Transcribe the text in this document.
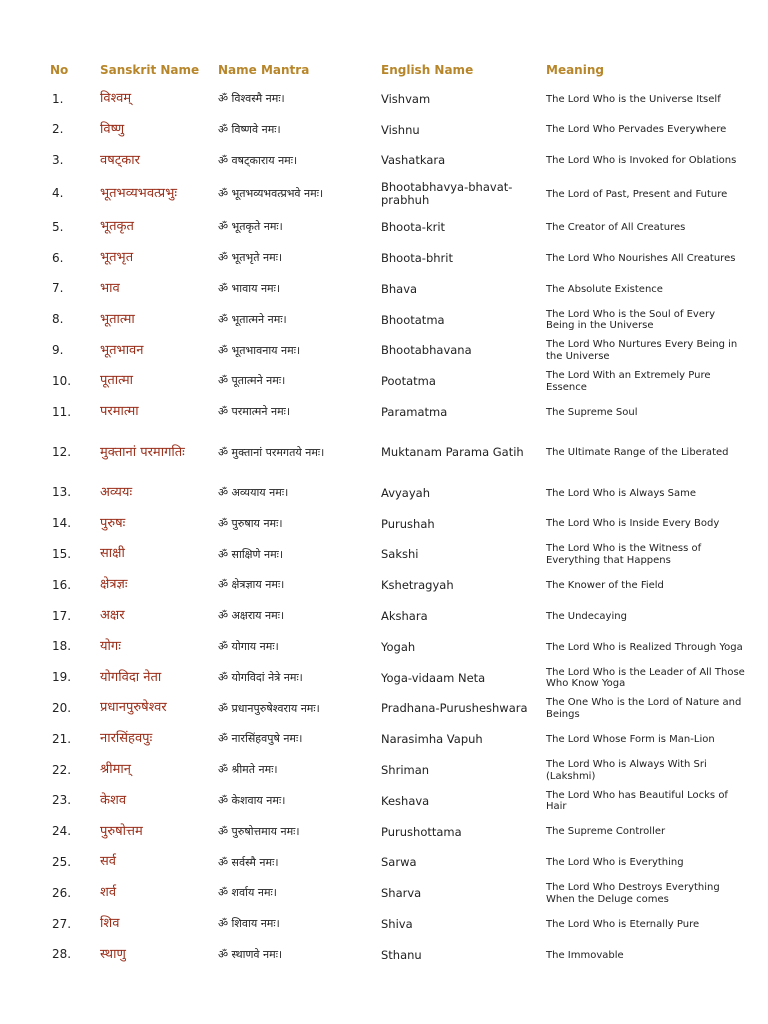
No	Sanskrit Name	Name Mantra	English Name	Meaning
1.	विश्वम्	ॐ विश्वस्मै नमः।	Vishvam	The Lord Who is the Universe Itself
2.	विष्णु	ॐ विष्णवे नमः।	Vishnu	The Lord Who Pervades Everywhere
3.	वषट्कार	ॐ वषट्काराय नमः।	Vashatkara	The Lord Who is Invoked for Oblations
4.	भूतभव्यभवत्प्रभुः	ॐ भूतभव्यभवत्प्रभवे नमः।	Bhootabhavya-bhavat-prabhuh	The Lord of Past, Present and Future
5.	भूतकृत	ॐ भूतकृते नमः।	Bhoota-krit	The Creator of All Creatures
6.	भूतभृत	ॐ भूतभृते नमः।	Bhoota-bhrit	The Lord Who Nourishes All Creatures
7.	भाव	ॐ भावाय नमः।	Bhava	The Absolute Existence
8.	भूतात्मा	ॐ भूतात्मने नमः।	Bhootatma	The Lord Who is the Soul of Every Being in the Universe
9.	भूतभावन	ॐ भूतभावनाय नमः।	Bhootabhavana	The Lord Who Nurtures Every Being in the Universe
10.	पूतात्मा	ॐ पूतात्मने नमः।	Pootatma	The Lord With an Extremely Pure Essence
11.	परमात्मा	ॐ परमात्मने नमः।	Paramatma	The Supreme Soul
12.	मुक्तानां परमागतिः	ॐ मुक्तानां परमगतये नमः।	Muktanam Parama Gatih	The Ultimate Range of the Liberated
13.	अव्ययः	ॐ अव्ययाय नमः।	Avyayah	The Lord Who is Always Same
14.	पुरुषः	ॐ पुरुषाय नमः।	Purushah	The Lord Who is Inside Every Body
15.	साक्षी	ॐ साक्षिणे नमः।	Sakshi	The Lord Who is the Witness of Everything that Happens
16.	क्षेत्रज्ञः	ॐ क्षेत्रज्ञाय नमः।	Kshetragyah	The Knower of the Field
17.	अक्षर	ॐ अक्षराय नमः।	Akshara	The Undecaying
18.	योगः	ॐ योगाय नमः।	Yogah	The Lord Who is Realized Through Yoga
19.	योगविदा नेता	ॐ योगविदां नेत्रे नमः।	Yoga-vidaam Neta	The Lord Who is the Leader of All Those Who Know Yoga
20.	प्रधानपुरुषेश्वर	ॐ प्रधानपुरुषेश्वराय नमः।	Pradhana-Purusheshwara	The One Who is the Lord of Nature and Beings
21.	नारसिंहवपुः	ॐ नारसिंहवपुषे नमः।	Narasimha Vapuh	The Lord Whose Form is Man-Lion
22.	श्रीमान्	ॐ श्रीमते नमः।	Shriman	The Lord Who is Always With Sri (Lakshmi)
23.	केशव	ॐ केशवाय नमः।	Keshava	The Lord Who has Beautiful Locks of Hair
24.	पुरुषोत्तम	ॐ पुरुषोत्तमाय नमः।	Purushottama	The Supreme Controller
25.	सर्व	ॐ सर्वस्मै नमः।	Sarwa	The Lord Who is Everything
26.	शर्व	ॐ शर्वाय नमः।	Sharva	The Lord Who Destroys Everything When the Deluge comes
27.	शिव	ॐ शिवाय नमः।	Shiva	The Lord Who is Eternally Pure
28.	स्थाणु	ॐ स्थाणवे नमः।	Sthanu	The Immovable
